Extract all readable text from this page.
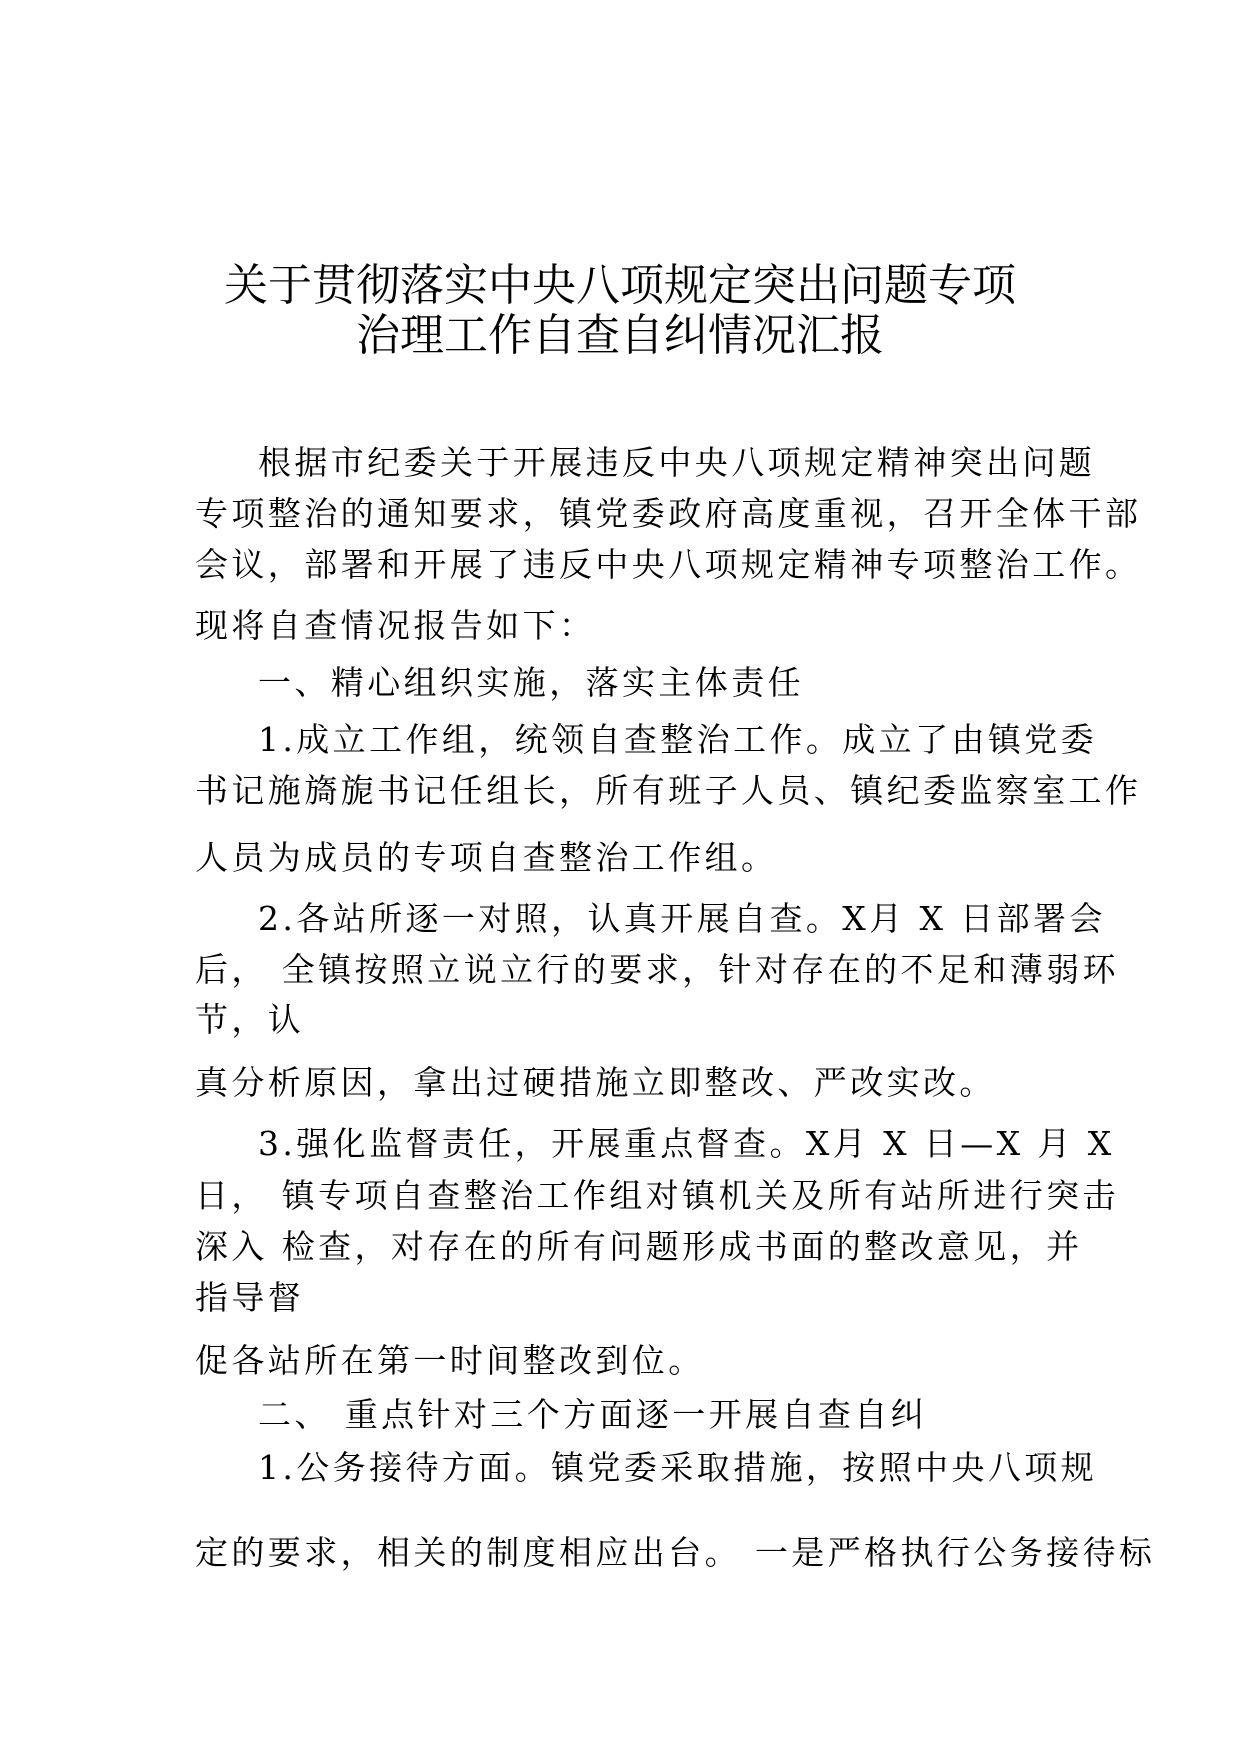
关于贯彻落实中央八项规定突出问题专项
治理工作自查自纠情况汇报
根据市纪委关于开展违反中央八项规定精神突出问题
专项整治的通知要求，镇党委政府高度重视，召开全体干部
会议，部署和开展了违反中央八项规定精神专项整治工作。
现将自查情况报告如下：
一、精心组织实施，落实主体责任
1.成立工作组，统领自查整治工作。成立了由镇党委
书记施旖旎书记任组长，所有班子人员、镇纪委监察室工作
人员为成员的专项自查整治工作组。
2.各站所逐一对照，认真开展自查。X月 X 日部署会
后， 全镇按照立说立行的要求，针对存在的不足和薄弱环
节，认
真分析原因，拿出过硬措施立即整改、严改实改。
3.强化监督责任，开展重点督查。X月 X 日—X 月 X
日， 镇专项自查整治工作组对镇机关及所有站所进行突击
深入 检查，对存在的所有问题形成书面的整改意见，并
指导督
促各站所在第一时间整改到位。
二、 重点针对三个方面逐一开展自查自纠
1.公务接待方面。镇党委采取措施，按照中央八项规
定的要求，相关的制度相应出台。 一是严格执行公务接待标
